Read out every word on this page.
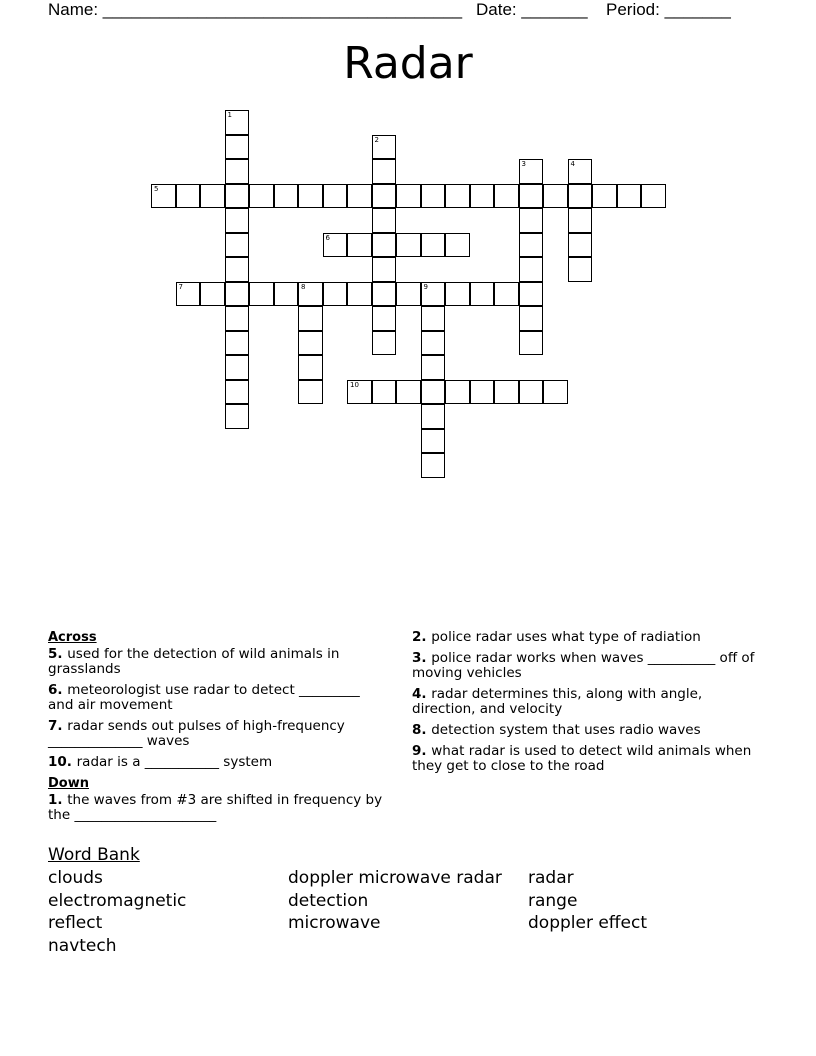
Name: ______________________________________ Date: _______ Period: _______
Radar
5
6
7	8	9
10
1
2
3	4
Across
5. used for the detection of wild animals in grasslands
6. meteorologist use radar to detect _________ and air movement
7. radar sends out pulses of high-frequency ______________ waves
10. radar is a ___________ system
Down
1. the waves from #3 are shifted in frequency by the _____________________
2. police radar uses what type of radiation
3. police radar works when waves __________ off of moving vehicles
4. radar determines this, along with angle, direction, and velocity
8. detection system that uses radio waves
9. what radar is used to detect wild animals when they get to close to the road
Word Bank
clouds
electromagnetic
reflect
navtech
doppler microwave radar
detection
microwave
radar
range
doppler effect
